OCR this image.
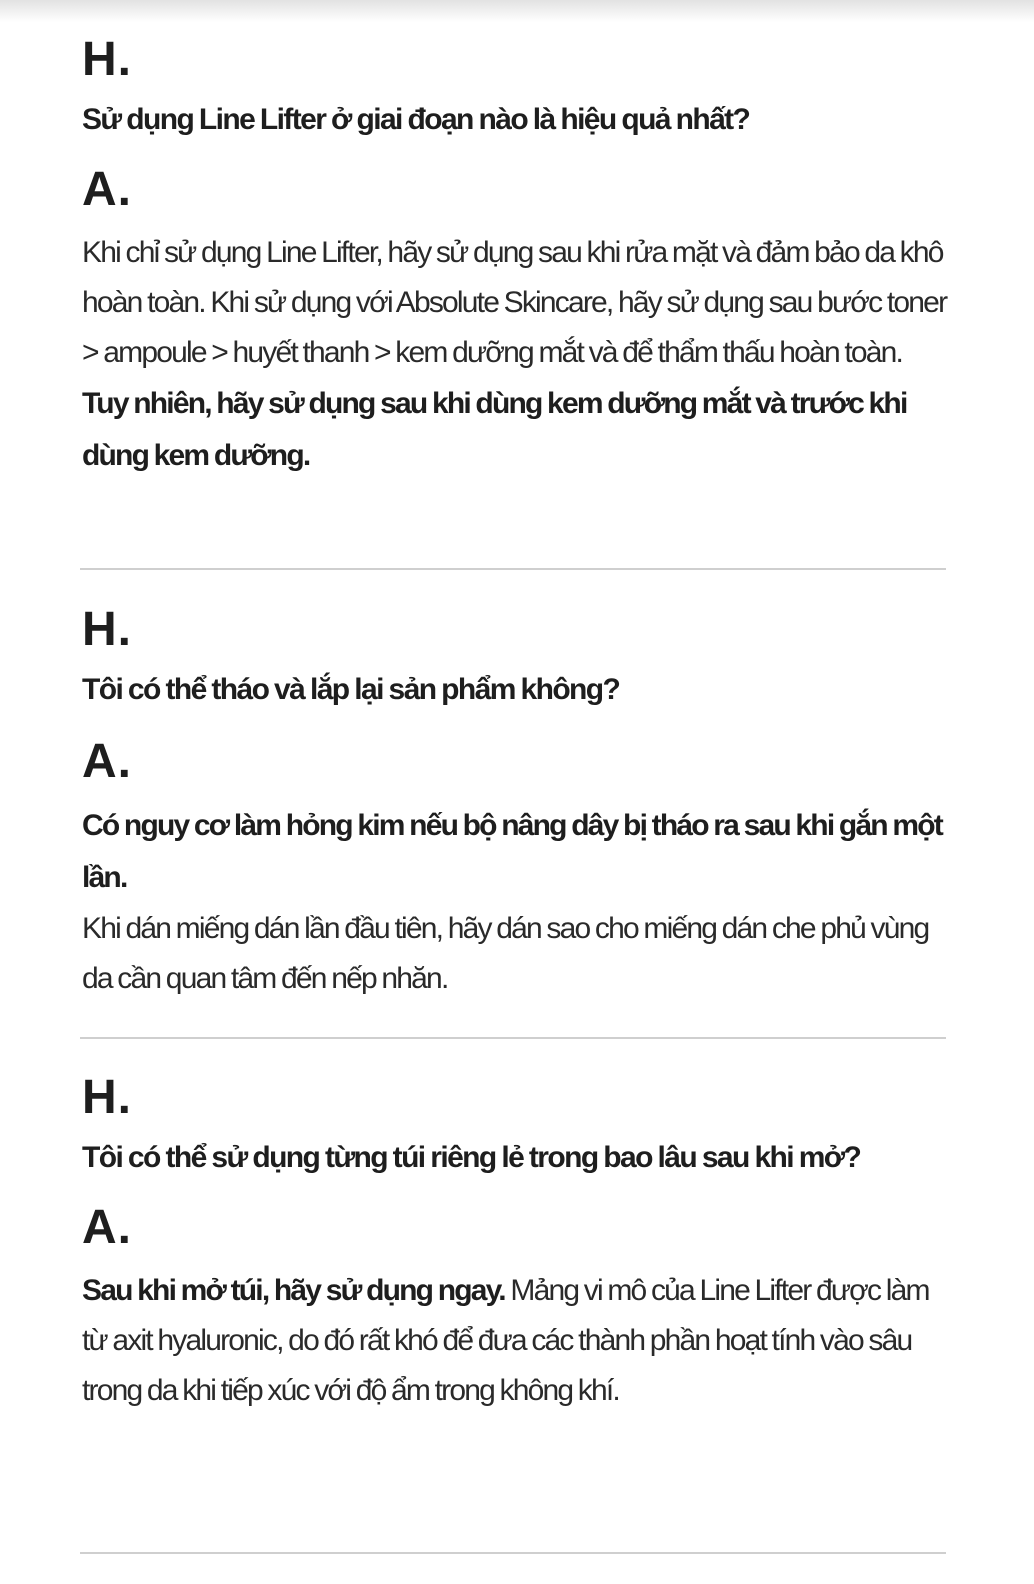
H.
Sử dụng Line Lifter ở giai đoạn nào là hiệu quả nhất?
A.
Khi chỉ sử dụng Line Lifter, hãy sử dụng sau khi rửa mặt và đảm bảo da khô hoàn toàn. Khi sử dụng với Absolute Skincare, hãy sử dụng sau bước toner > ampoule > huyết thanh > kem dưỡng mắt và để thẩm thấu hoàn toàn.
Tuy nhiên, hãy sử dụng sau khi dùng kem dưỡng mắt và trước khi dùng kem dưỡng.
H.
Tôi có thể tháo và lắp lại sản phẩm không?
A.
Có nguy cơ làm hỏng kim nếu bộ nâng dây bị tháo ra sau khi gắn một lần.
Khi dán miếng dán lần đầu tiên, hãy dán sao cho miếng dán che phủ vùng da cần quan tâm đến nếp nhăn.
H.
Tôi có thể sử dụng từng túi riêng lẻ trong bao lâu sau khi mở?
A.
Sau khi mở túi, hãy sử dụng ngay. Mảng vi mô của Line Lifter được làm từ axit hyaluronic, do đó rất khó để đưa các thành phần hoạt tính vào sâu trong da khi tiếp xúc với độ ẩm trong không khí.
